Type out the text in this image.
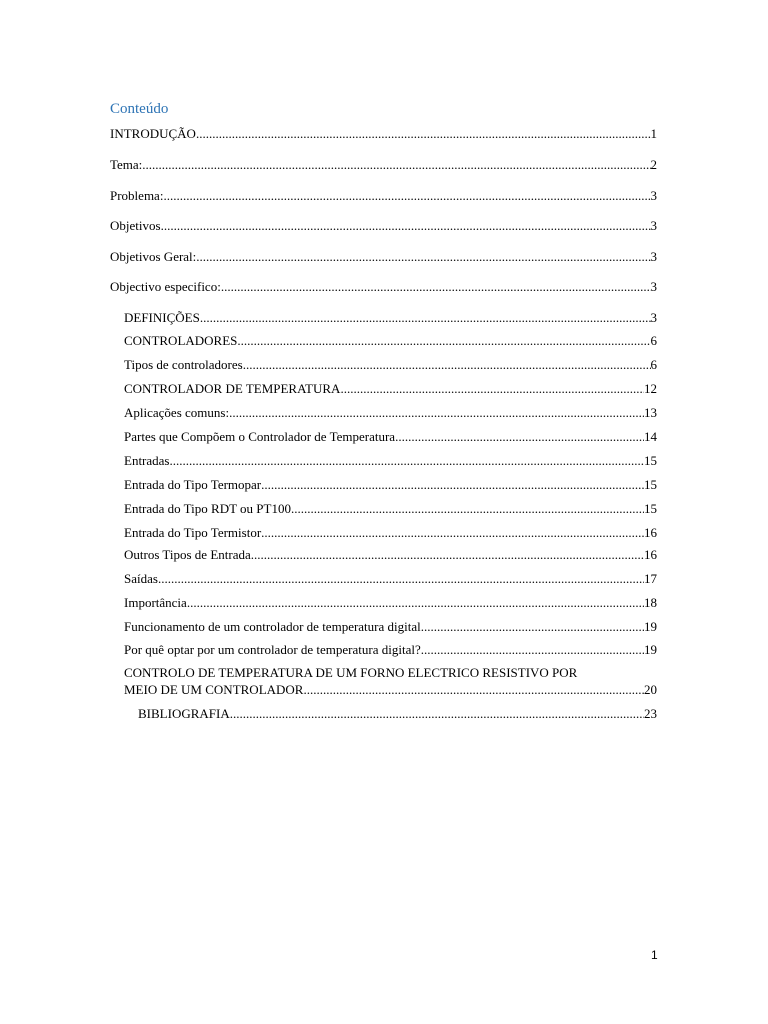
Conteúdo
INTRODUÇÃO .....	1
Tema: .....	2
Problema: .....	3
Objetivos .....	3
Objetivos Geral: .....	3
Objectivo especifico: .....	3
DEFINIÇÕES .....	3
CONTROLADORES .....	6
Tipos de controladores .....	6
CONTROLADOR DE TEMPERATURA .....	12
Aplicações comuns: .....	13
Partes que Compõem o Controlador de Temperatura .....	14
Entradas .....	15
Entrada do Tipo Termopar .....	15
Entrada do Tipo RDT ou PT100 .....	15
Entrada do Tipo Termistor .....	16
Outros Tipos de Entrada .....	16
Saídas .....	17
Importância .....	18
Funcionamento de um controlador de temperatura digital .....	19
Por quê optar por um controlador de temperatura digital? .....	19
CONTROLO DE TEMPERATURA DE UM FORNO ELECTRICO RESISTIVO POR
MEIO DE UM CONTROLADOR .....	20
BIBLIOGRAFIA .....	23
1
